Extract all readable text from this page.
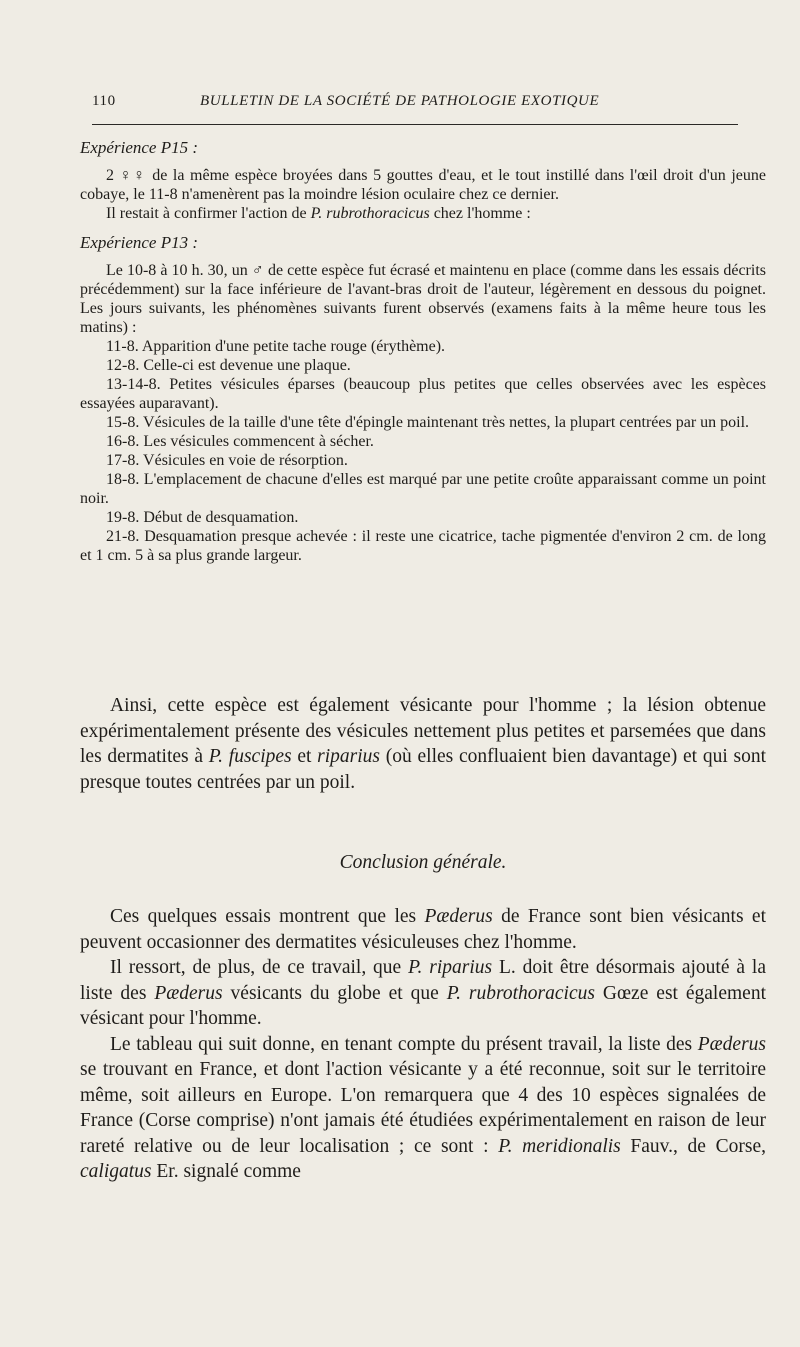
110	BULLETIN DE LA SOCIÉTÉ DE PATHOLOGIE EXOTIQUE

Expérience P15 :

2 ♀♀ de la même espèce broyées dans 5 gouttes d'eau, et le tout instillé dans l'œil droit d'un jeune cobaye, le 11-8 n'amenèrent pas la moindre lésion oculaire chez ce dernier.

Il restait à confirmer l'action de P. rubrothoracicus chez l'homme :

Expérience P13 :

Le 10-8 à 10 h. 30, un ♂ de cette espèce fut écrasé et maintenu en place (comme dans les essais décrits précédemment) sur la face inférieure de l'avant-bras droit de l'auteur, légèrement en dessous du poignet. Les jours suivants, les phénomènes suivants furent observés (examens faits à la même heure tous les matins) :

11-8. Apparition d'une petite tache rouge (érythème).

12-8. Celle-ci est devenue une plaque.

13-14-8. Petites vésicules éparses (beaucoup plus petites que celles observées avec les espèces essayées auparavant).

15-8. Vésicules de la taille d'une tête d'épingle maintenant très nettes, la plupart centrées par un poil.

16-8. Les vésicules commencent à sécher.

17-8. Vésicules en voie de résorption.

18-8. L'emplacement de chacune d'elles est marqué par une petite croûte apparaissant comme un point noir.

19-8. Début de desquamation.

21-8. Desquamation presque achevée : il reste une cicatrice, tache pigmentée d'environ 2 cm. de long et 1 cm. 5 à sa plus grande largeur.

Ainsi, cette espèce est également vésicante pour l'homme ; la lésion obtenue expérimentalement présente des vésicules nettement plus petites et parsemées que dans les dermatites à P. fuscipes et riparius (où elles confluaient bien davantage) et qui sont presque toutes centrées par un poil.

Conclusion générale.

Ces quelques essais montrent que les Pæderus de France sont bien vésicants et peuvent occasionner des dermatites vésiculeuses chez l'homme.

Il ressort, de plus, de ce travail, que P. riparius L. doit être désormais ajouté à la liste des Pæderus vésicants du globe et que P. rubrothoracicus Gœze est également vésicant pour l'homme.

Le tableau qui suit donne, en tenant compte du présent travail, la liste des Pæderus se trouvant en France, et dont l'action vésicante y a été reconnue, soit sur le territoire même, soit ailleurs en Europe. L'on remarquera que 4 des 10 espèces signalées de France (Corse comprise) n'ont jamais été étudiées expérimentalement en raison de leur rareté relative ou de leur localisation ; ce sont : P. meridionalis Fauv., de Corse, caligatus Er. signalé comme
